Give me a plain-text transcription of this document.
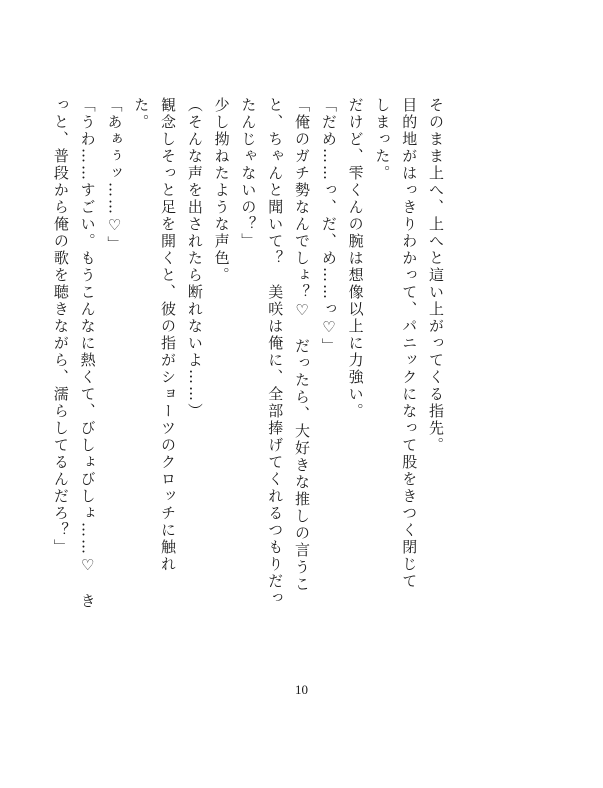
そのまま上へ、上へと這い上がってくる指先。
目的地がはっきりわかって、パニックになって股をきつく閉じて
しまった。
だけど、雫くんの腕は想像以上に力強い。
「だめ……っ、だ、め……っ♡」
「俺のガチ勢なんでしょ？♡　だったら、大好きな推しの言うこ
と、ちゃんと聞いて？　美咲は俺に、全部捧げてくれるつもりだっ
たんじゃないの？」
少し拗ねたような声色。
（そんな声を出されたら断れないよ……）
観念しそっと足を開くと、彼の指がショーツのクロッチに触れ
た。
「あぁぅッ……♡」
「うわ……すごい。もうこんなに熱くて、びしょびしょ……♡　き
っと、普段から俺の歌を聴きながら、濡らしてるんだろ？」
10
